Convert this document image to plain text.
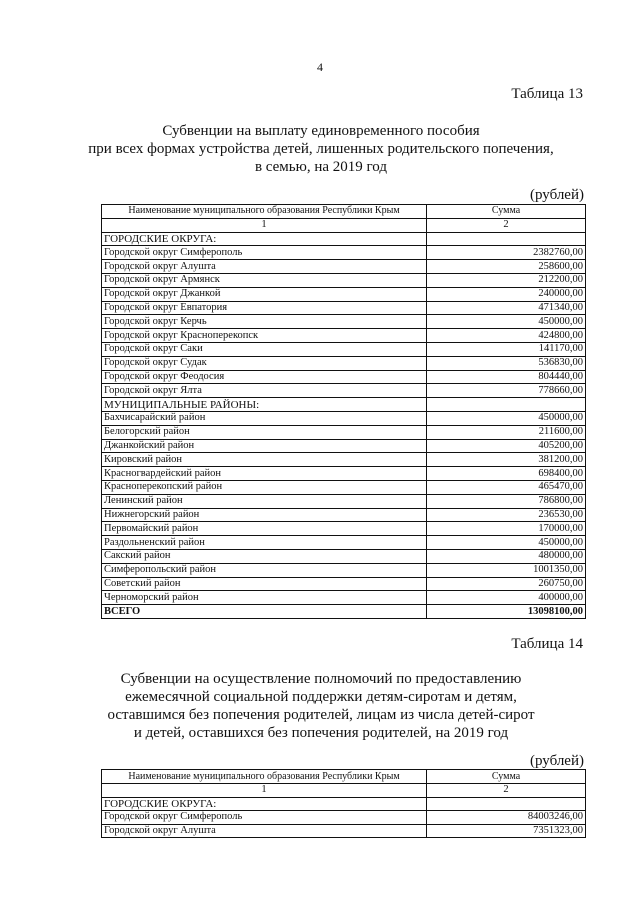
4
Таблица 13
Субвенции на выплату единовременного пособия
при всех формах устройства детей, лишенных родительского попечения,
в семью, на 2019 год
(рублей)
Наименование муниципального образования Республики Крым	Сумма
1	2
ГОРОДСКИЕ ОКРУГА:	
Городской округ Симферополь	2382760,00
Городской округ Алушта	258600,00
Городской округ Армянск	212200,00
Городской округ Джанкой	240000,00
Городской округ Евпатория	471340,00
Городской округ Керчь	450000,00
Городской округ Красноперекопск	424800,00
Городской округ Саки	141170,00
Городской округ Судак	536830,00
Городской округ Феодосия	804440,00
Городской округ Ялта	778660,00
МУНИЦИПАЛЬНЫЕ РАЙОНЫ:	
Бахчисарайский район	450000,00
Белогорский район	211600,00
Джанкойский район	405200,00
Кировский район	381200,00
Красногвардейский район	698400,00
Красноперекопский район	465470,00
Ленинский район	786800,00
Нижнегорский район	236530,00
Первомайский район	170000,00
Раздольненский район	450000,00
Сакский район	480000,00
Симферопольский район	1001350,00
Советский район	260750,00
Черноморский район	400000,00
ВСЕГО	13098100,00
Таблица 14
Субвенции на осуществление полномочий по предоставлению
ежемесячной социальной поддержки детям-сиротам и детям,
оставшимся без попечения родителей, лицам из числа детей-сирот
и детей, оставшихся без попечения родителей, на 2019 год
(рублей)
Наименование муниципального образования Республики Крым	Сумма
1	2
ГОРОДСКИЕ ОКРУГА:	
Городской округ Симферополь	84003246,00
Городской округ Алушта	7351323,00
